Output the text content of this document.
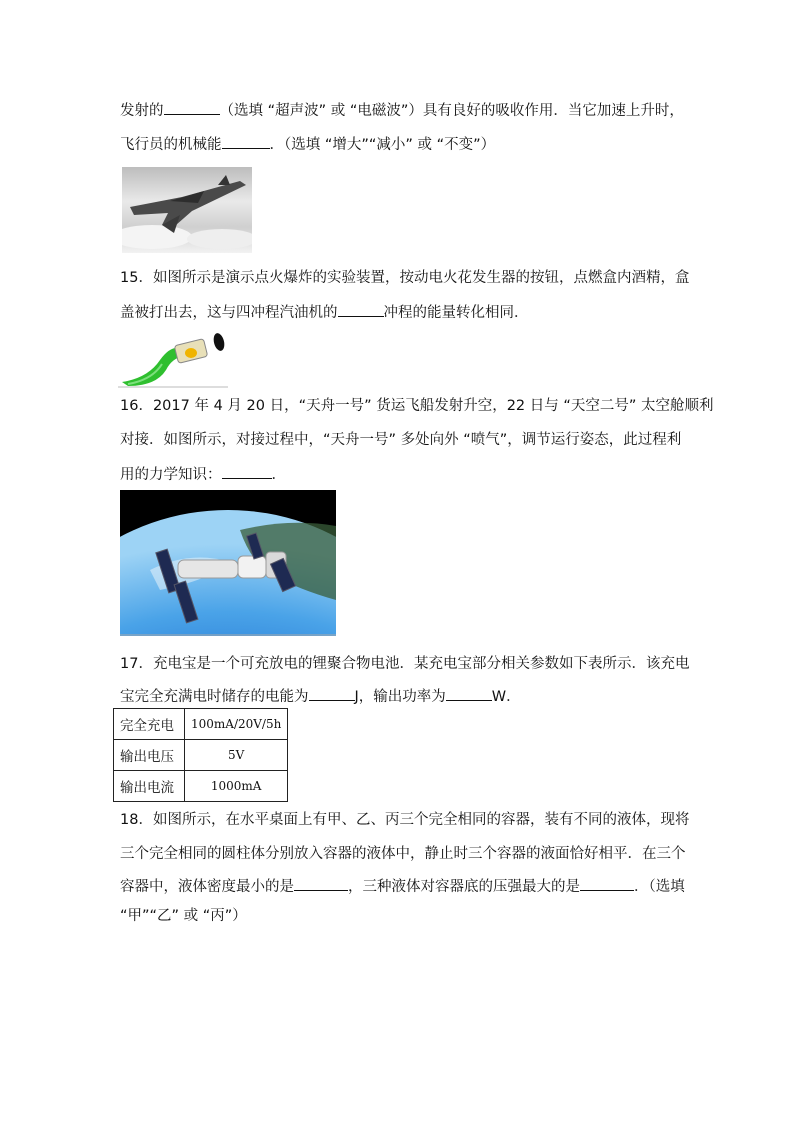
发射的	（选填 “超声波” 或 “电磁波”）具有良好的吸收作用．当它加速上升时，
飞行员的机械能	．（选填 “增大”“减小” 或 “不变”）
15．如图所示是演示点火爆炸的实验装置，按动电火花发生器的按钮，点燃盒内酒精，盒
盖被打出去，这与四冲程汽油机的	冲程的能量转化相同．
16．2017 年 4 月 20 日，“天舟一号” 货运飞船发射升空，22 日与 “天空二号” 太空舱顺利
对接．如图所示，对接过程中，“天舟一号” 多处向外 “喷气”，调节运行姿态，此过程利
用的力学知识：	．
17．充电宝是一个可充放电的锂聚合物电池．某充电宝部分相关参数如下表所示．该充电
宝完全充满电时储存的电能为	J，输出功率为	W．
完全充电	100mA/20V/5h
输出电压	5V
输出电流	1000mA
18．如图所示，在水平桌面上有甲、乙、丙三个完全相同的容器，装有不同的液体，现将
三个完全相同的圆柱体分别放入容器的液体中，静止时三个容器的液面恰好相平．在三个
容器中，液体密度最小的是	，三种液体对容器底的压强最大的是	．（选填
“甲”“乙” 或 “丙”）
